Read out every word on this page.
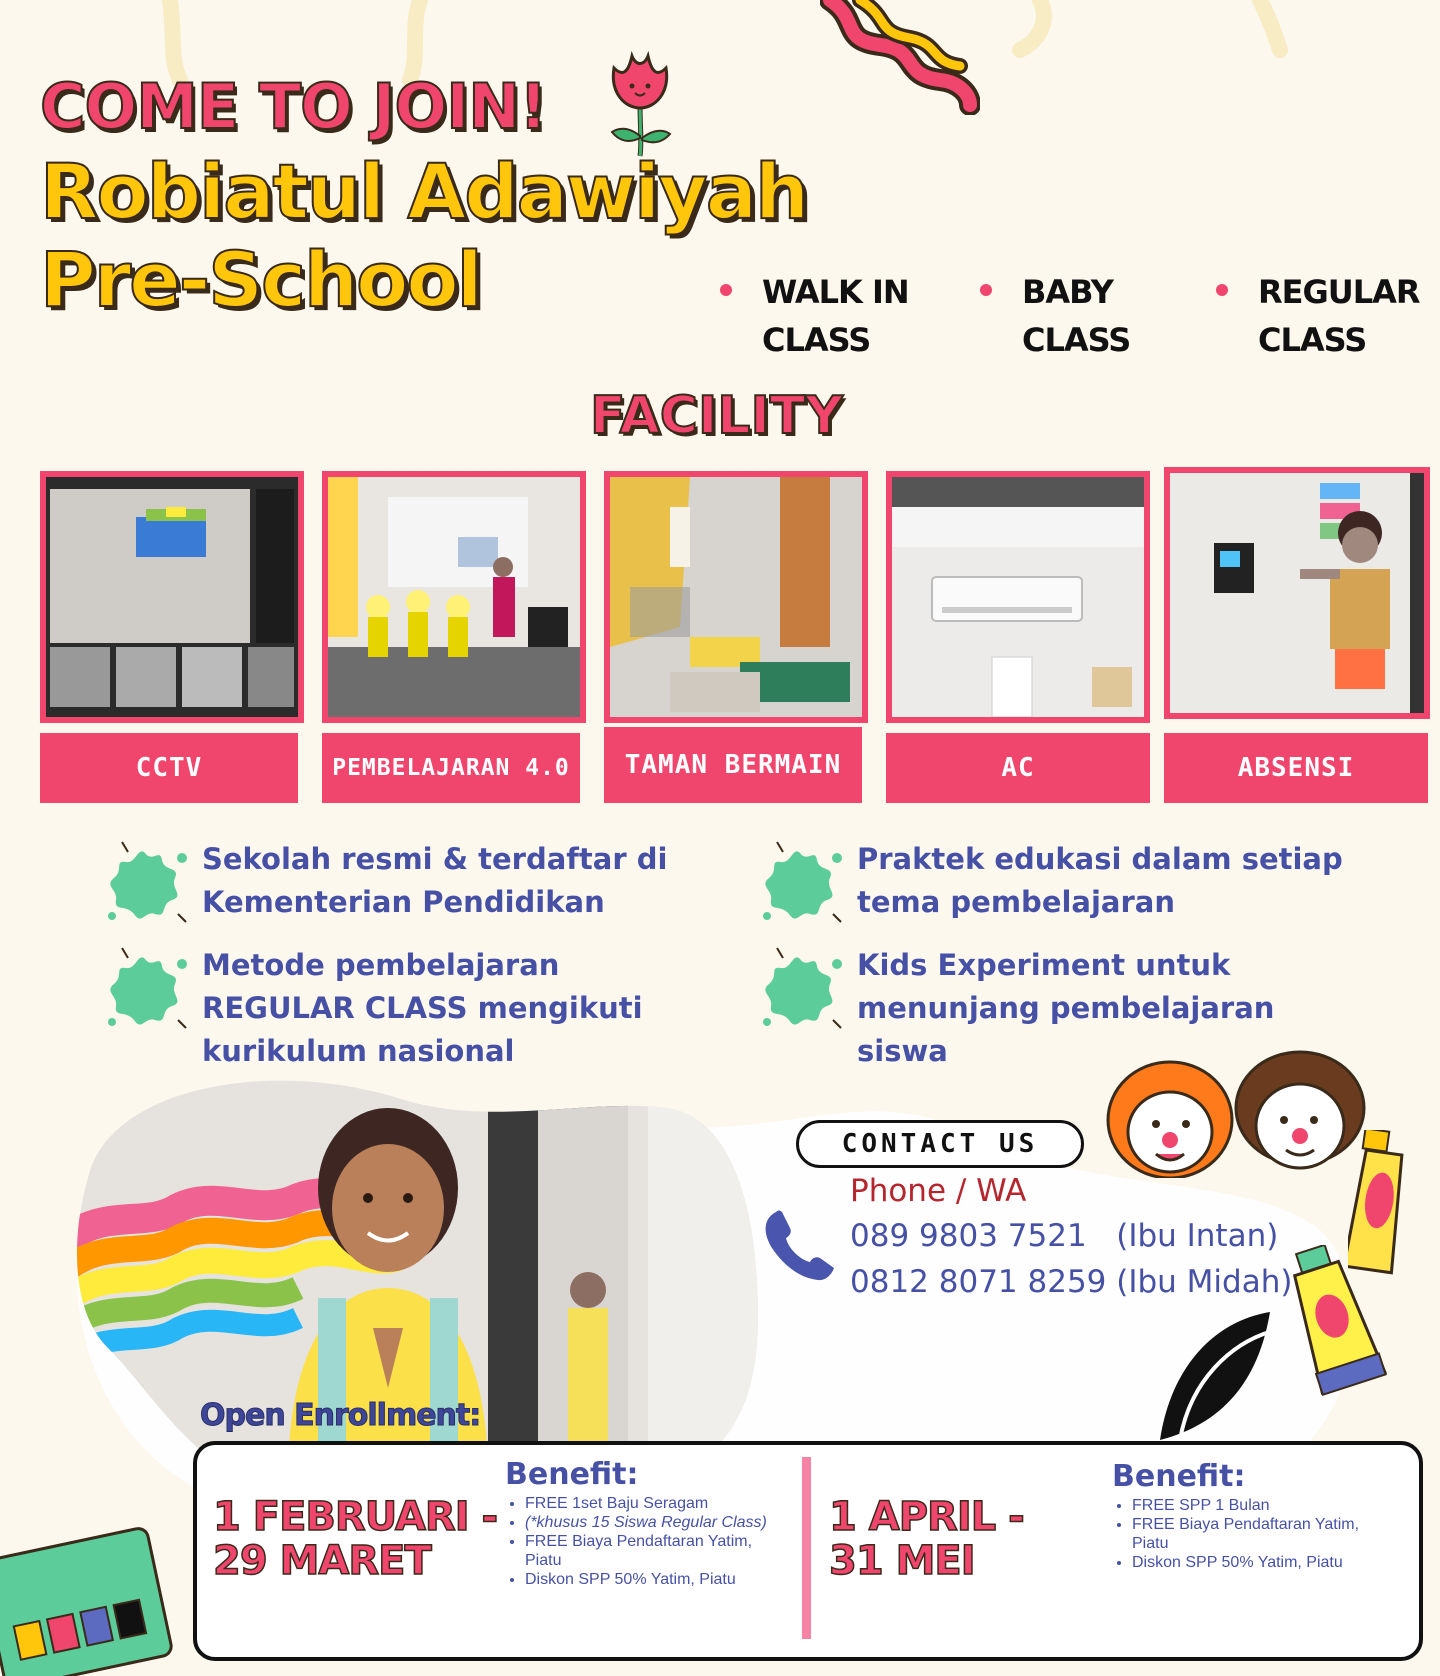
COME TO JOIN!
Robiatul Adawiyah
Pre-School	WALK IN
CLASS
BABY
CLASS
REGULAR
CLASS
FACILITY
CCTV	PEMBELAJARAN 4.0	TAMAN BERMAIN	AC	ABSENSI
Sekolah resmi & terdaftar di
Kementerian Pendidikan
Praktek edukasi dalam setiap
tema pembelajaran
Metode pembelajaran
REGULAR CLASS mengikuti
kurikulum nasional
Kids Experiment untuk
menunjang pembelajaran
siswa
CONTACT US
Phone / WA
089 9803 7521   (Ibu Intan)
0812 8071 8259 (Ibu Midah)
Open Enrollment:
1 FEBRUARI -
29 MARET
Benefit:
• FREE 1set Baju Seragam
• (*khusus 15 Siswa Regular Class)
• FREE Biaya Pendaftaran Yatim, Piatu
• Diskon SPP 50% Yatim, Piatu
1 APRIL -
31 MEI
Benefit:
• FREE SPP 1 Bulan
• FREE Biaya Pendaftaran Yatim, Piatu
• Diskon SPP 50% Yatim, Piatu
